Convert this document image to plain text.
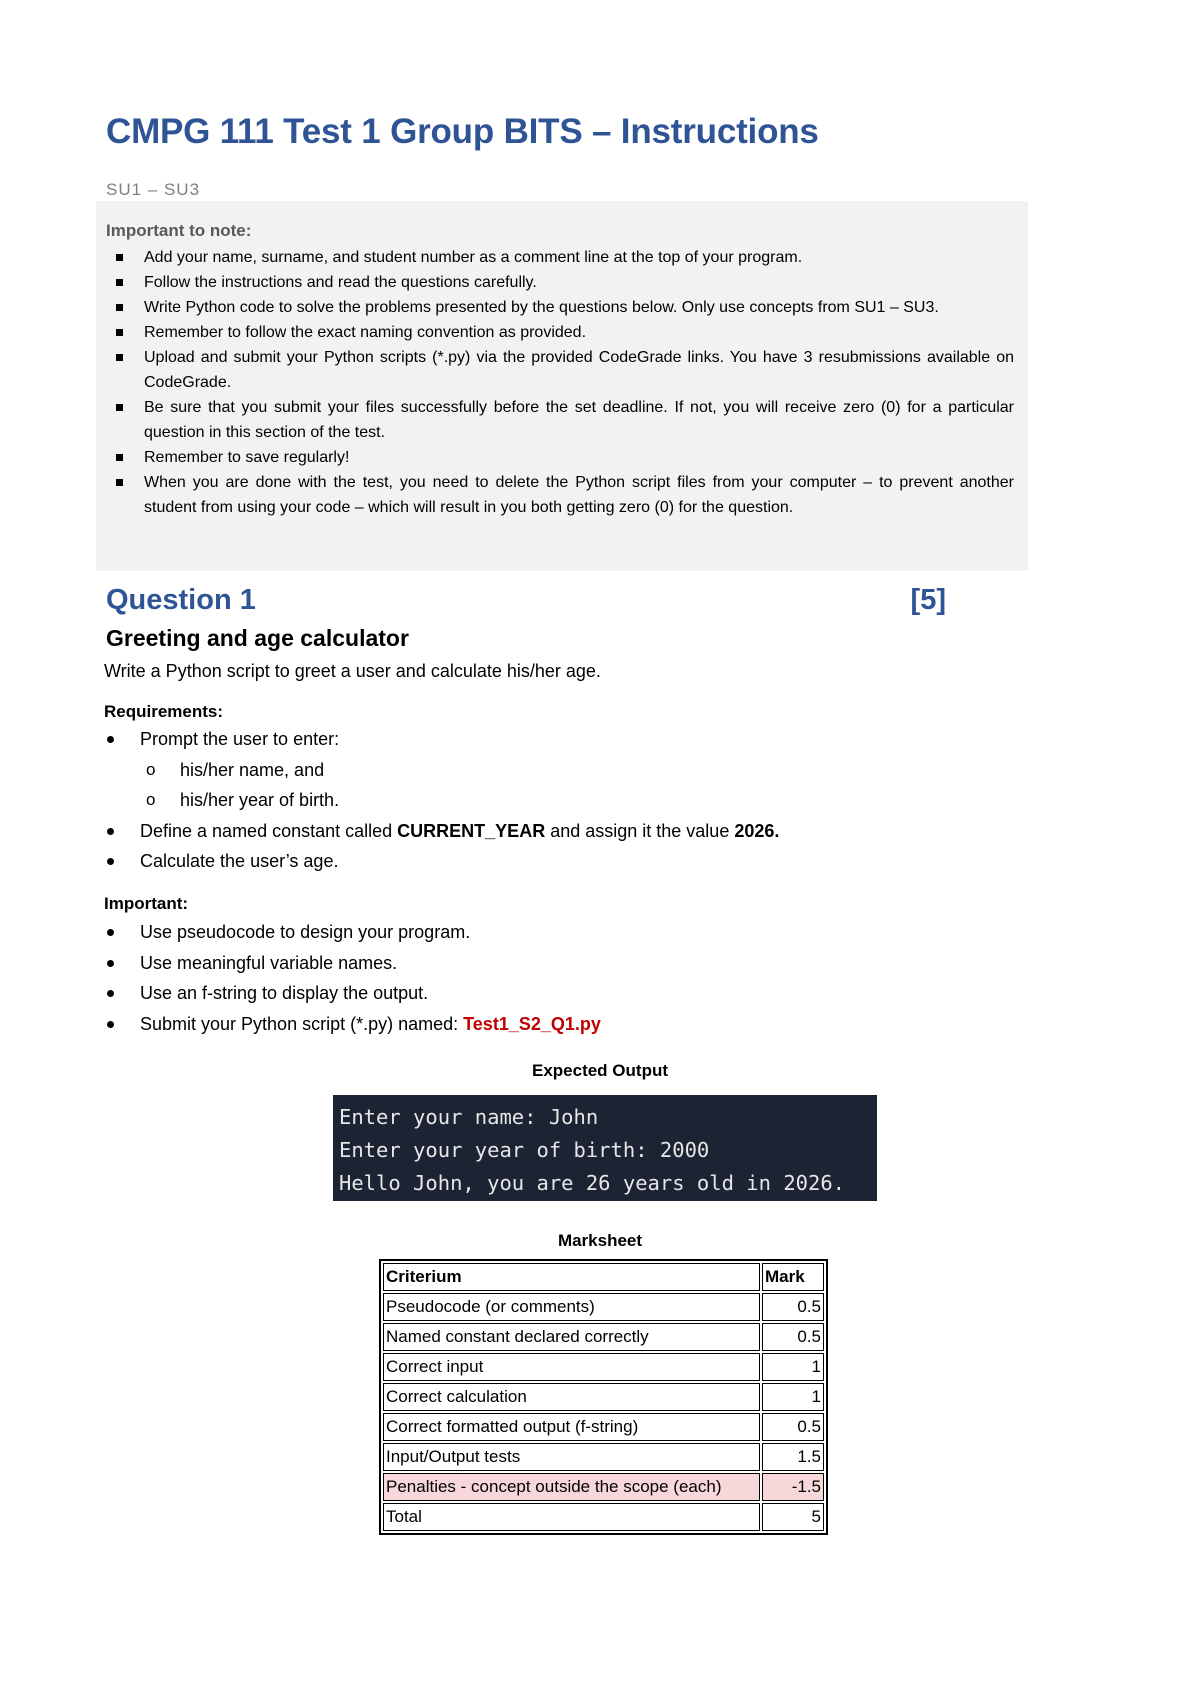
CMPG 111 Test 1 Group BITS – Instructions

SU1 – SU3

Important to note:

Add your name, surname, and student number as a comment line at the top of your program.
Follow the instructions and read the questions carefully.
Write Python code to solve the problems presented by the questions below. Only use concepts from SU1 – SU3.
Remember to follow the exact naming convention as provided.
Upload and submit your Python scripts (*.py) via the provided CodeGrade links. You have 3 resubmissions available on CodeGrade.
Be sure that you submit your files successfully before the set deadline. If not, you will receive zero (0) for a particular question in this section of the test.
Remember to save regularly!
When you are done with the test, you need to delete the Python script files from your computer – to prevent another student from using your code – which will result in you both getting zero (0) for the question.
Question 1	[5]
Greeting and age calculator

Write a Python script to greet a user and calculate his/her age.

Requirements:

Prompt the user to enter:
o his/her name, and
o his/her year of birth.
Define a named constant called CURRENT_YEAR and assign it the value 2026.
Calculate the user’s age.

Important:

Use pseudocode to design your program.
Use meaningful variable names.
Use an f-string to display the output.
Submit your Python script (*.py) named: Test1_S2_Q1.py

Expected Output

Enter your name: John
Enter your year of birth: 2000
Hello John, you are 26 years old in 2026.

Marksheet

Criterium	Mark
Pseudocode (or comments)	0.5
Named constant declared correctly	0.5
Correct input	1
Correct calculation	1
Correct formatted output (f-string)	0.5
Input/Output tests	1.5
Penalties - concept outside the scope (each)	-1.5
Total	5
